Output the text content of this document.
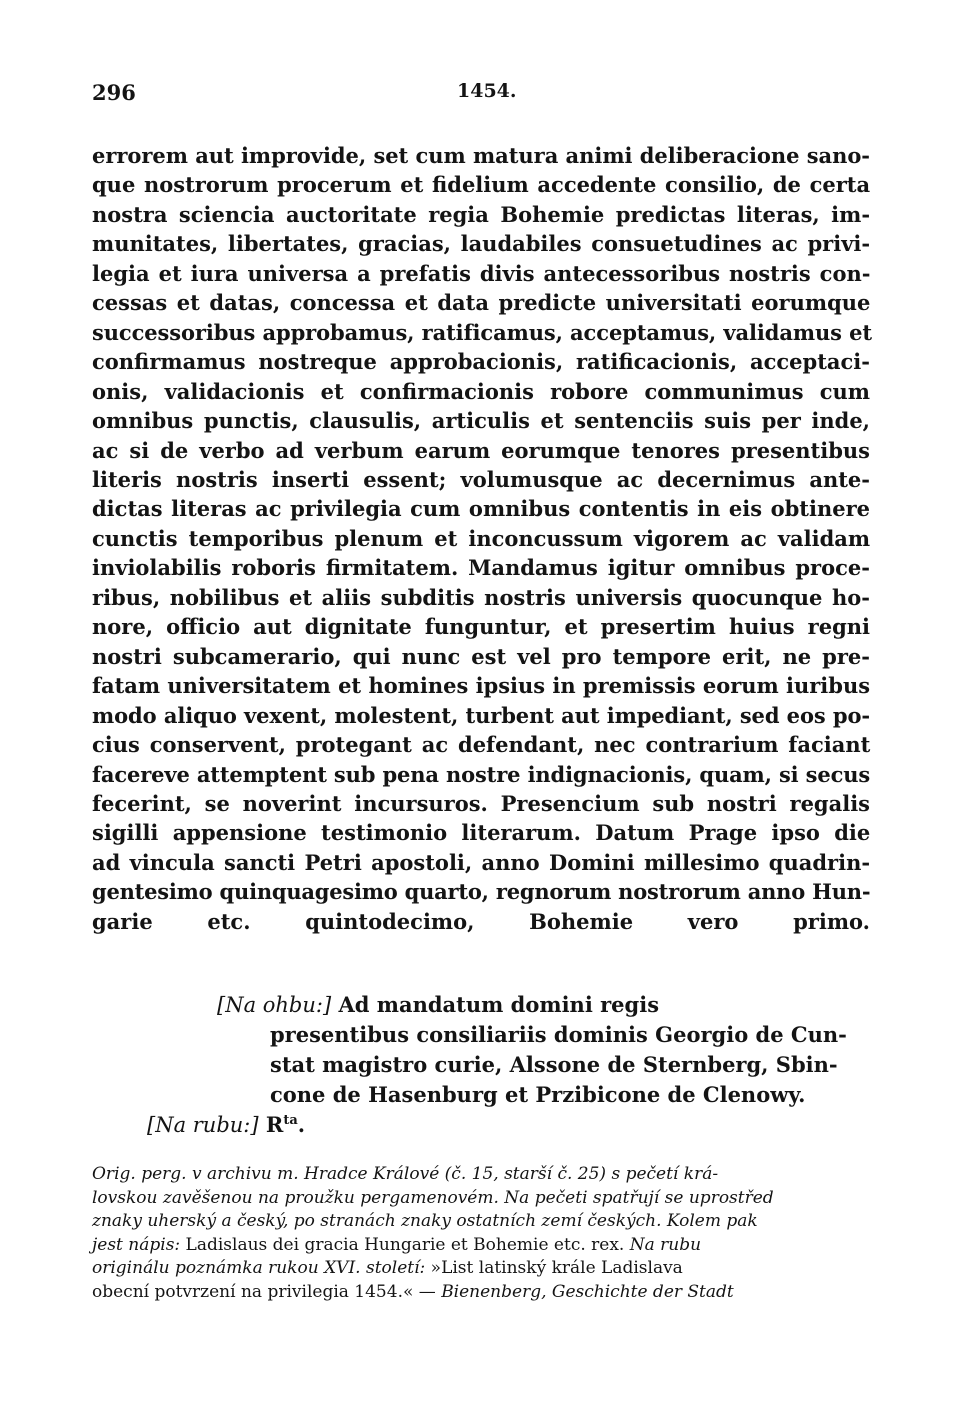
296	1454.
errorem aut improvide, set cum matura animi deliberacione sano-
que nostrorum procerum et fidelium accedente consilio, de certa
nostra sciencia auctoritate regia Bohemie predictas literas, im-
munitates, libertates, gracias, laudabiles consuetudines ac privi-
legia et iura universa a prefatis divis antecessoribus nostris con-
cessas et datas, concessa et data predicte universitati eorumque
successoribus approbamus, ratificamus, acceptamus, validamus et
confirmamus nostreque approbacionis, ratificacionis, acceptaci-
onis, validacionis et confirmacionis robore communimus cum
omnibus punctis, clausulis, articulis et sentenciis suis per inde,
ac si de verbo ad verbum earum eorumque tenores presentibus
literis nostris inserti essent; volumusque ac decernimus ante-
dictas literas ac privilegia cum omnibus contentis in eis obtinere
cunctis temporibus plenum et inconcussum vigorem ac validam
inviolabilis roboris firmitatem. Mandamus igitur omnibus proce-
ribus, nobilibus et aliis subditis nostris universis quocunque ho-
nore, officio aut dignitate funguntur, et presertim huius regni
nostri subcamerario, qui nunc est vel pro tempore erit, ne pre-
fatam universitatem et homines ipsius in premissis eorum iuribus
modo aliquo vexent, molestent, turbent aut impediant, sed eos po-
cius conservent, protegant ac defendant, nec contrarium faciant
facereve attemptent sub pena nostre indignacionis, quam, si secus
fecerint, se noverint incursuros. Presencium sub nostri regalis
sigilli appensione testimonio literarum. Datum Prage ipso die
ad vincula sancti Petri apostoli, anno Domini millesimo quadrin-
gentesimo quinquagesimo quarto, regnorum nostrorum anno Hun-
garie etc. quintodecimo, Bohemie vero primo.
[Na ohbu:] Ad mandatum domini regis
presentibus consiliariis dominis Georgio de Cun-
stat magistro curie, Alssone de Sternberg, Sbin-
cone de Hasenburg et Przibicone de Clenowy.
[Na rubu:] $R^{ta}$.
Orig. perg. v archivu m. Hradce Králové (č. 15, starší č. 25) s pečetí krá-
lovskou zavěšenou na proužku pergamenovém. Na pečeti spatřují se uprostřed
znaky uherský a český, po stranách znaky ostatních zemí českých. Kolem pak
jest nápis: Ladislaus dei gracia Hungarie et Bohemie etc. rex. Na rubu
originálu poznámka rukou XVI. století: »List latinský krále Ladislava
obecní potvrzení na privilegia 1454.« — Bienenberg, Geschichte der Stadt
